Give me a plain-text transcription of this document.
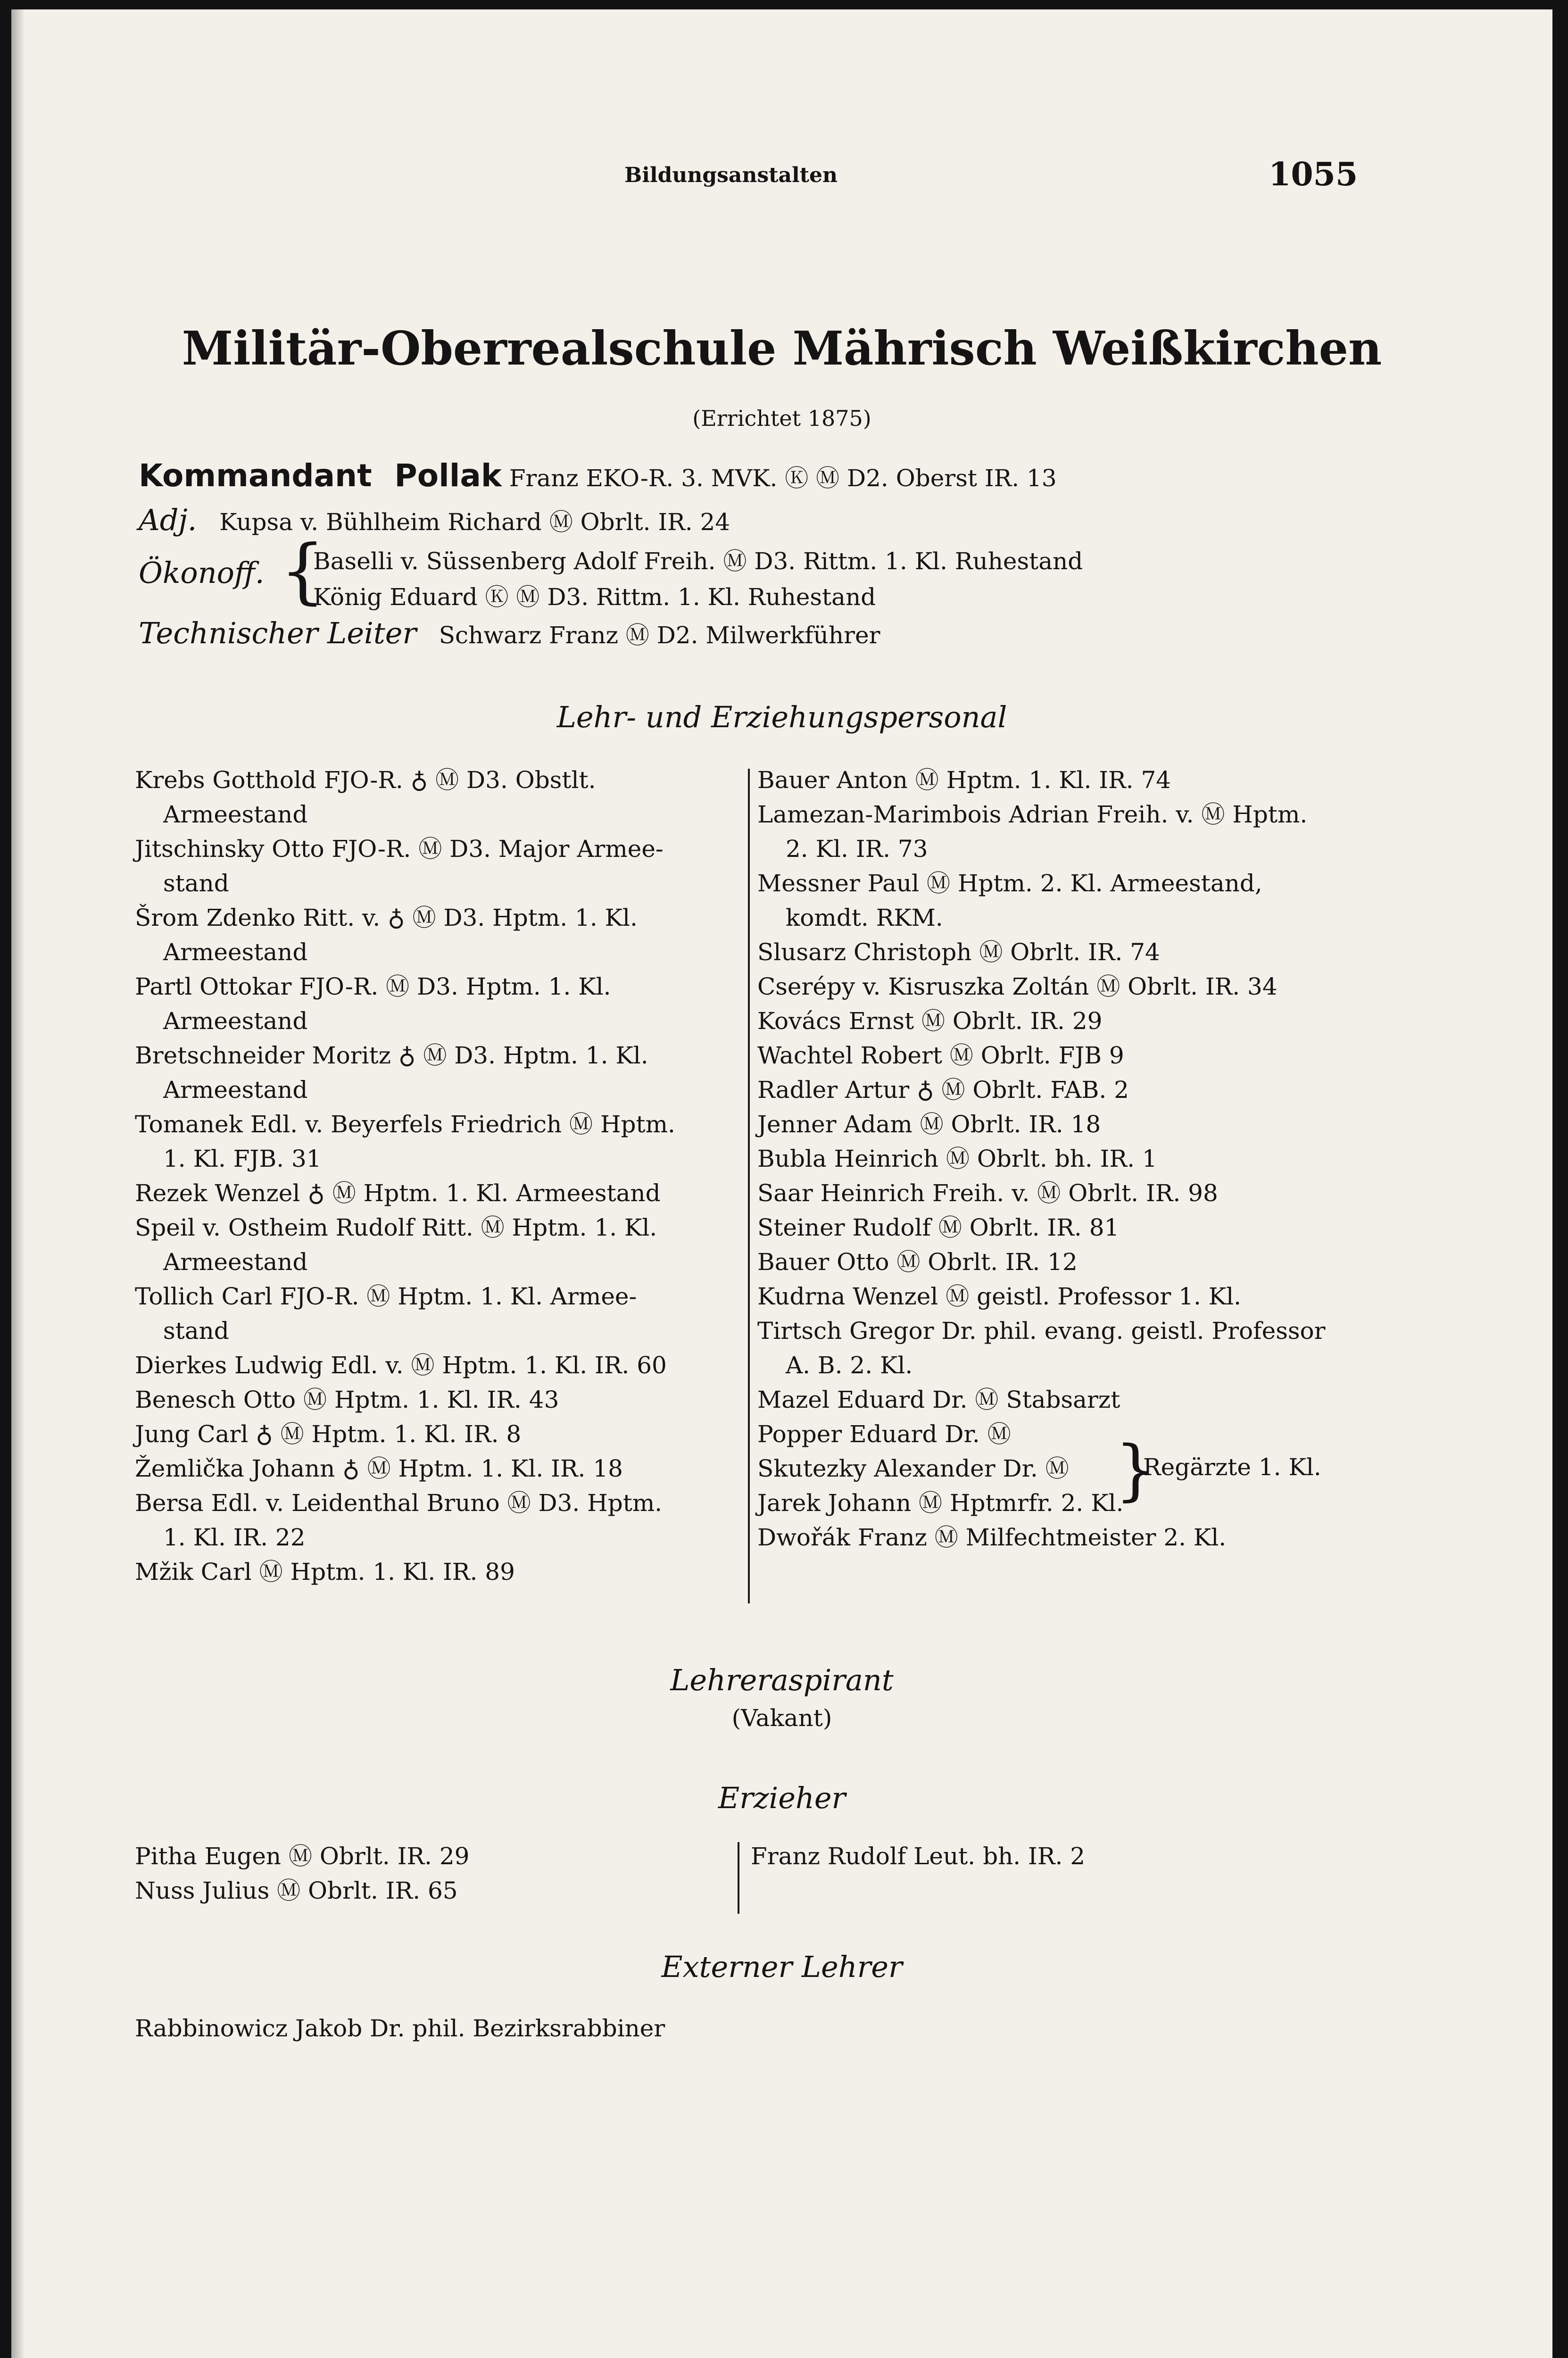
Bildungsanstalten	1055
Militär-Oberrealschule Mährisch Weißkirchen
(Errichtet 1875)
Kommandant Pollak Franz EKO-R. 3. MVK. Ⓚ Ⓜ D2. Oberst IR. 13
Adj. Kupsa v. Bühlheim Richard Ⓜ Obrlt. IR. 24
Ökonoff. {
Baselli v. Süssenberg Adolf Freih. Ⓜ D3. Rittm. 1. Kl. Ruhestand
König Eduard Ⓚ Ⓜ D3. Rittm. 1. Kl. Ruhestand
Technischer Leiter Schwarz Franz Ⓜ D2. Milwerkführer
Lehr- und Erziehungspersonal
Krebs Gotthold FJO-R. ♁ Ⓜ D3. Obstlt.
Armeestand
Jitschinsky Otto FJO-R. Ⓜ D3. Major Armee-
stand
Šrom Zdenko Ritt. v. ♁ Ⓜ D3. Hptm. 1. Kl.
Armeestand
Partl Ottokar FJO-R. Ⓜ D3. Hptm. 1. Kl.
Armeestand
Bretschneider Moritz ♁ Ⓜ D3. Hptm. 1. Kl.
Armeestand
Tomanek Edl. v. Beyerfels Friedrich Ⓜ Hptm.
1. Kl. FJB. 31
Rezek Wenzel ♁ Ⓜ Hptm. 1. Kl. Armeestand
Speil v. Ostheim Rudolf Ritt. Ⓜ Hptm. 1. Kl.
Armeestand
Tollich Carl FJO-R. Ⓜ Hptm. 1. Kl. Armee-
stand
Dierkes Ludwig Edl. v. Ⓜ Hptm. 1. Kl. IR. 60
Benesch Otto Ⓜ Hptm. 1. Kl. IR. 43
Jung Carl ♁ Ⓜ Hptm. 1. Kl. IR. 8
Žemlička Johann ♁ Ⓜ Hptm. 1. Kl. IR. 18
Bersa Edl. v. Leidenthal Bruno Ⓜ D3. Hptm.
1. Kl. IR. 22
Mžik Carl Ⓜ Hptm. 1. Kl. IR. 89
Bauer Anton Ⓜ Hptm. 1. Kl. IR. 74
Lamezan-Marimbois Adrian Freih. v. Ⓜ Hptm.
2. Kl. IR. 73
Messner Paul Ⓜ Hptm. 2. Kl. Armeestand,
komdt. RKM.
Slusarz Christoph Ⓜ Obrlt. IR. 74
Cserépy v. Kisruszka Zoltán Ⓜ Obrlt. IR. 34
Kovács Ernst Ⓜ Obrlt. IR. 29
Wachtel Robert Ⓜ Obrlt. FJB 9
Radler Artur ♁ Ⓜ Obrlt. FAB. 2
Jenner Adam Ⓜ Obrlt. IR. 18
Bubla Heinrich Ⓜ Obrlt. bh. IR. 1
Saar Heinrich Freih. v. Ⓜ Obrlt. IR. 98
Steiner Rudolf Ⓜ Obrlt. IR. 81
Bauer Otto Ⓜ Obrlt. IR. 12
Kudrna Wenzel Ⓜ geistl. Professor 1. Kl.
Tirtsch Gregor Dr. phil. evang. geistl. Professor
A. B. 2. Kl.
Mazel Eduard Dr. Ⓜ Stabsarzt
Popper Eduard Dr. Ⓜ
Skutezky Alexander Dr. Ⓜ
Jarek Johann Ⓜ Hptmrfr. 2. Kl.
Dwořák Franz Ⓜ Milfechtmeister 2. Kl.
}
Regärzte 1. Kl.
Lehreraspirant
(Vakant)
Erzieher
Pitha Eugen Ⓜ Obrlt. IR. 29
Nuss Julius Ⓜ Obrlt. IR. 65
Franz Rudolf Leut. bh. IR. 2
Externer Lehrer
Rabbinowicz Jakob Dr. phil. Bezirksrabbiner
